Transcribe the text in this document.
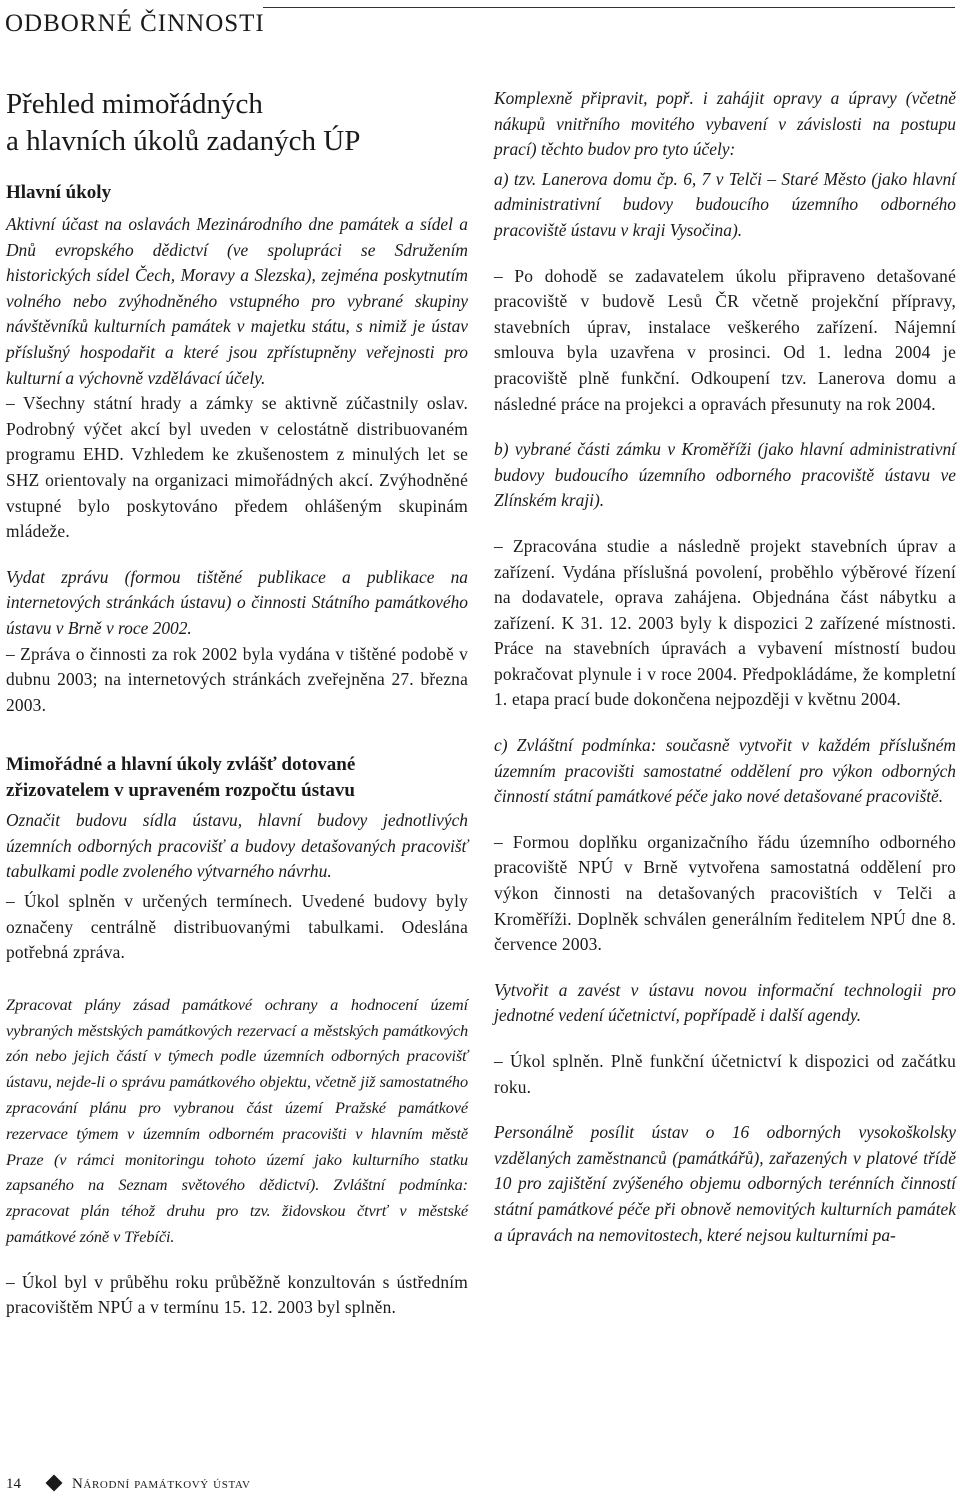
ODBORNÉ ČINNOSTI
Přehled mimořádných
a hlavních úkolů zadaných ÚP
Hlavní úkoly

Aktivní účast na oslavách Mezinárodního dne památek a sídel a Dnů evropského dědictví (ve spolupráci se Sdružením historických sídel Čech, Moravy a Slezska), zejména poskytnutím volného nebo zvýhodněného vstupného pro vybrané skupiny návštěvníků kulturních památek v majetku státu, s nimiž je ústav příslušný hospodařit a které jsou zpřístupněny veřejnosti pro kulturní a výchovně vzdělávací účely.

– Všechny státní hrady a zámky se aktivně zúčastnily oslav. Podrobný výčet akcí byl uveden v celostátně distribuovaném programu EHD. Vzhledem ke zkušenostem z minulých let se SHZ orientovaly na organizaci mimořádných akcí. Zvýhodněné vstupné bylo poskytováno předem ohlášeným skupinám mládeže.

Vydat zprávu (formou tištěné publikace a publikace na internetových stránkách ústavu) o činnosti Státního památkového ústavu v Brně v roce 2002.

– Zpráva o činnosti za rok 2002 byla vydána v tištěné podobě v dubnu 2003; na internetových stránkách zveřejněna 27. března 2003.

Mimořádné a hlavní úkoly zvlášť dotované
zřizovatelem v upraveném rozpočtu ústavu

Označit budovu sídla ústavu, hlavní budovy jednotlivých územních odborných pracovišť a budovy detašovaných pracovišť tabulkami podle zvoleného výtvarného návrhu.

– Úkol splněn v určených termínech. Uvedené budovy byly označeny centrálně distribuovanými tabulkami. Odeslána potřebná zpráva.

Zpracovat plány zásad památkové ochrany a hodnocení území vybraných městských památkových rezervací a městských památkových zón nebo jejich částí v týmech podle územních odborných pracovišť ústavu, nejde-li o správu památkového objektu, včetně již samostatného zpracování plánu pro vybranou část území Pražské památkové rezervace týmem v územním odborném pracovišti v hlavním městě Praze (v rámci monitoringu tohoto území jako kulturního statku zapsaného na Seznam světového dědictví). Zvláštní podmínka: zpracovat plán téhož druhu pro tzv. židovskou čtvrť v městské památkové zóně v Třebíči.

– Úkol byl v průběhu roku průběžně konzultován s ústředním pracovištěm NPÚ a v termínu 15. 12. 2003 byl splněn.

Komplexně připravit, popř. i zahájit opravy a úpravy (včetně nákupů vnitřního movitého vybavení v závislosti na postupu prací) těchto budov pro tyto účely:

a) tzv. Lanerova domu čp. 6, 7 v Telči – Staré Město (jako hlavní administrativní budovy budoucího územního odborného pracoviště ústavu v kraji Vysočina).

– Po dohodě se zadavatelem úkolu připraveno detašované pracoviště v budově Lesů ČR včetně projekční přípravy, stavebních úprav, instalace veškerého zařízení. Nájemní smlouva byla uzavřena v prosinci. Od 1. ledna 2004 je pracoviště plně funkční. Odkoupení tzv. Lanerova domu a následné práce na projekci a opravách přesunuty na rok 2004.

b) vybrané části zámku v Kroměříži (jako hlavní administrativní budovy budoucího územního odborného pracoviště ústavu ve Zlínském kraji).

– Zpracována studie a následně projekt stavebních úprav a zařízení. Vydána příslušná povolení, proběhlo výběrové řízení na dodavatele, oprava zahájena. Objednána část nábytku a zařízení. K 31. 12. 2003 byly k dispozici 2 zařízené místnosti. Práce na stavebních úpravách a vybavení místností budou pokračovat plynule i v roce 2004. Předpokládáme, že kompletní 1. etapa prací bude dokončena nejpozději v květnu 2004.

c) Zvláštní podmínka: současně vytvořit v každém příslušném územním pracovišti samostatné oddělení pro výkon odborných činností státní památkové péče jako nové detašované pracoviště.

– Formou doplňku organizačního řádu územního odborného pracoviště NPÚ v Brně vytvořena samostatná oddělení pro výkon činnosti na detašovaných pracovištích v Telči a Kroměříži. Doplněk schválen generálním ředitelem NPÚ dne 8. července 2003.

Vytvořit a zavést v ústavu novou informační technologii pro jednotné vedení účetnictví, popřípadě i další agendy.

– Úkol splněn. Plně funkční účetnictví k dispozici od začátku roku.

Personálně posílit ústav o 16 odborných vysokoškolsky vzdělaných zaměstnanců (památkářů), zařazených v platové třídě 10 pro zajištění zvýšeného objemu odborných terénních činností státní památkové péče při obnově nemovitých kulturních památek a úpravách na nemovitostech, které nejsou kulturními pa-

14	Národní památkový ústav
